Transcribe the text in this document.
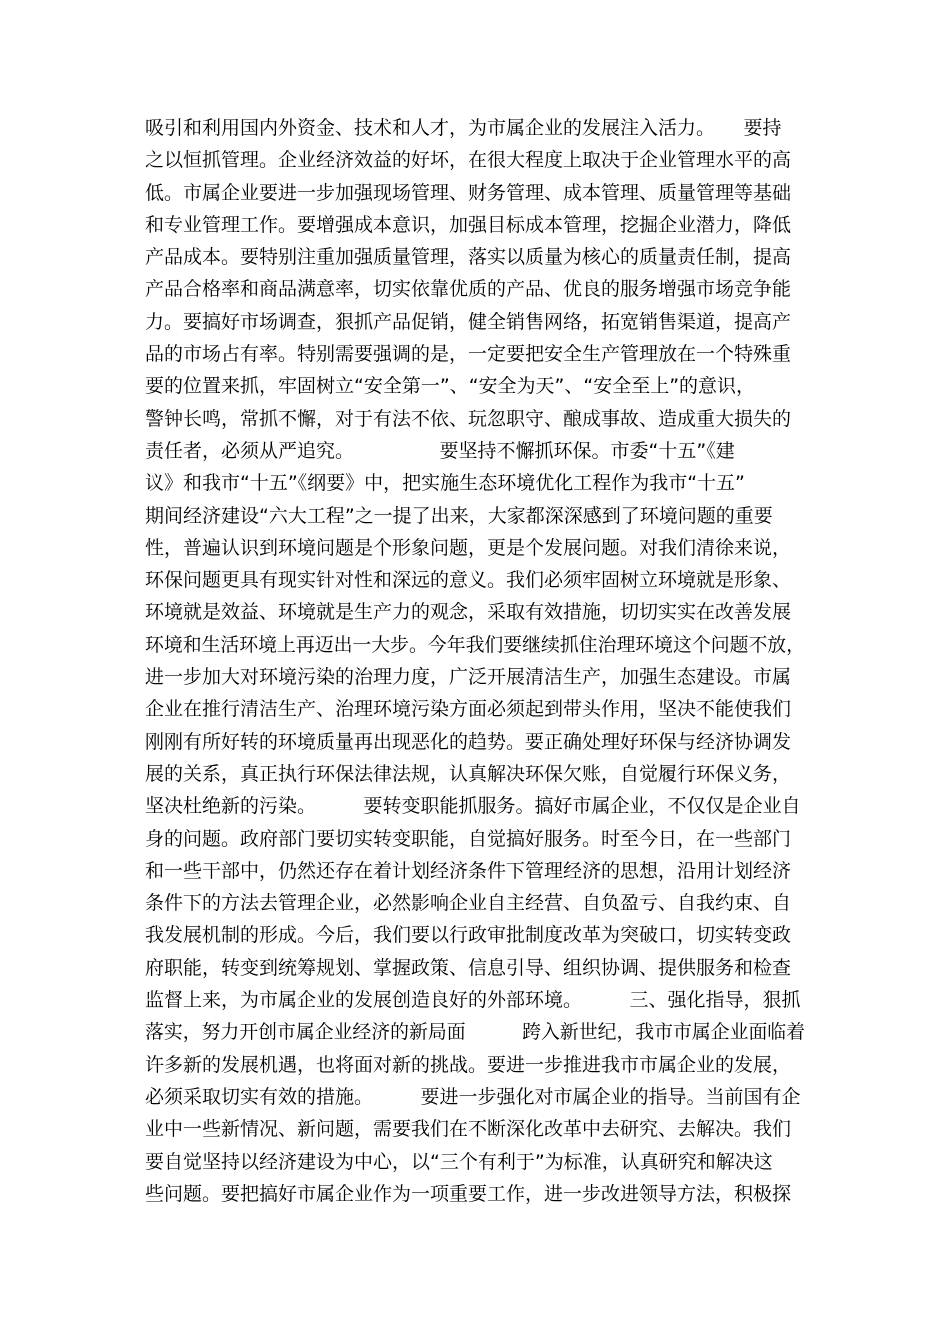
吸引和利用国内外资金、技术和人才，为市属企业的发展注入活力。　　要持
之以恒抓管理。企业经济效益的好坏，在很大程度上取决于企业管理水平的高
低。市属企业要进一步加强现场管理、财务管理、成本管理、质量管理等基础
和专业管理工作。要增强成本意识，加强目标成本管理，挖掘企业潜力，降低
产品成本。要特别注重加强质量管理，落实以质量为核心的质量责任制，提高
产品合格率和商品满意率，切实依靠优质的产品、优良的服务增强市场竞争能
力。要搞好市场调查，狠抓产品促销，健全销售网络，拓宽销售渠道，提高产
品的市场占有率。特别需要强调的是，一定要把安全生产管理放在一个特殊重
要的位置来抓，牢固树立“安全第一”、“安全为天”、“安全至上”的意识，
警钟长鸣，常抓不懈，对于有法不依、玩忽职守、酿成事故、造成重大损失的
责任者，必须从严追究。　　　　　要坚持不懈抓环保。市委“十五”《建
议》和我市“十五”《纲要》中，把实施生态环境优化工程作为我市“十五”
期间经济建设“六大工程”之一提了出来，大家都深深感到了环境问题的重要
性，普遍认识到环境问题是个形象问题，更是个发展问题。对我们清徐来说，
环保问题更具有现实针对性和深远的意义。我们必须牢固树立环境就是形象、
环境就是效益、环境就是生产力的观念，采取有效措施，切切实实在改善发展
环境和生活环境上再迈出一大步。今年我们要继续抓住治理环境这个问题不放，
进一步加大对环境污染的治理力度，广泛开展清洁生产，加强生态建设。市属
企业在推行清洁生产、治理环境污染方面必须起到带头作用，坚决不能使我们
刚刚有所好转的环境质量再出现恶化的趋势。要正确处理好环保与经济协调发
展的关系，真正执行环保法律法规，认真解决环保欠账，自觉履行环保义务，
坚决杜绝新的污染。　　　要转变职能抓服务。搞好市属企业，不仅仅是企业自
身的问题。政府部门要切实转变职能，自觉搞好服务。时至今日，在一些部门
和一些干部中，仍然还存在着计划经济条件下管理经济的思想，沿用计划经济
条件下的方法去管理企业，必然影响企业自主经营、自负盈亏、自我约束、自
我发展机制的形成。今后，我们要以行政审批制度改革为突破口，切实转变政
府职能，转变到统筹规划、掌握政策、信息引导、组织协调、提供服务和检查
监督上来，为市属企业的发展创造良好的外部环境。　　　三、强化指导，狠抓
落实，努力开创市属企业经济的新局面　　　跨入新世纪，我市市属企业面临着
许多新的发展机遇，也将面对新的挑战。要进一步推进我市市属企业的发展，
必须采取切实有效的措施。　　　要进一步强化对市属企业的指导。当前国有企
业中一些新情况、新问题，需要我们在不断深化改革中去研究、去解决。我们
要自觉坚持以经济建设为中心，以“三个有利于”为标准，认真研究和解决这
些问题。要把搞好市属企业作为一项重要工作，进一步改进领导方法，积极探
